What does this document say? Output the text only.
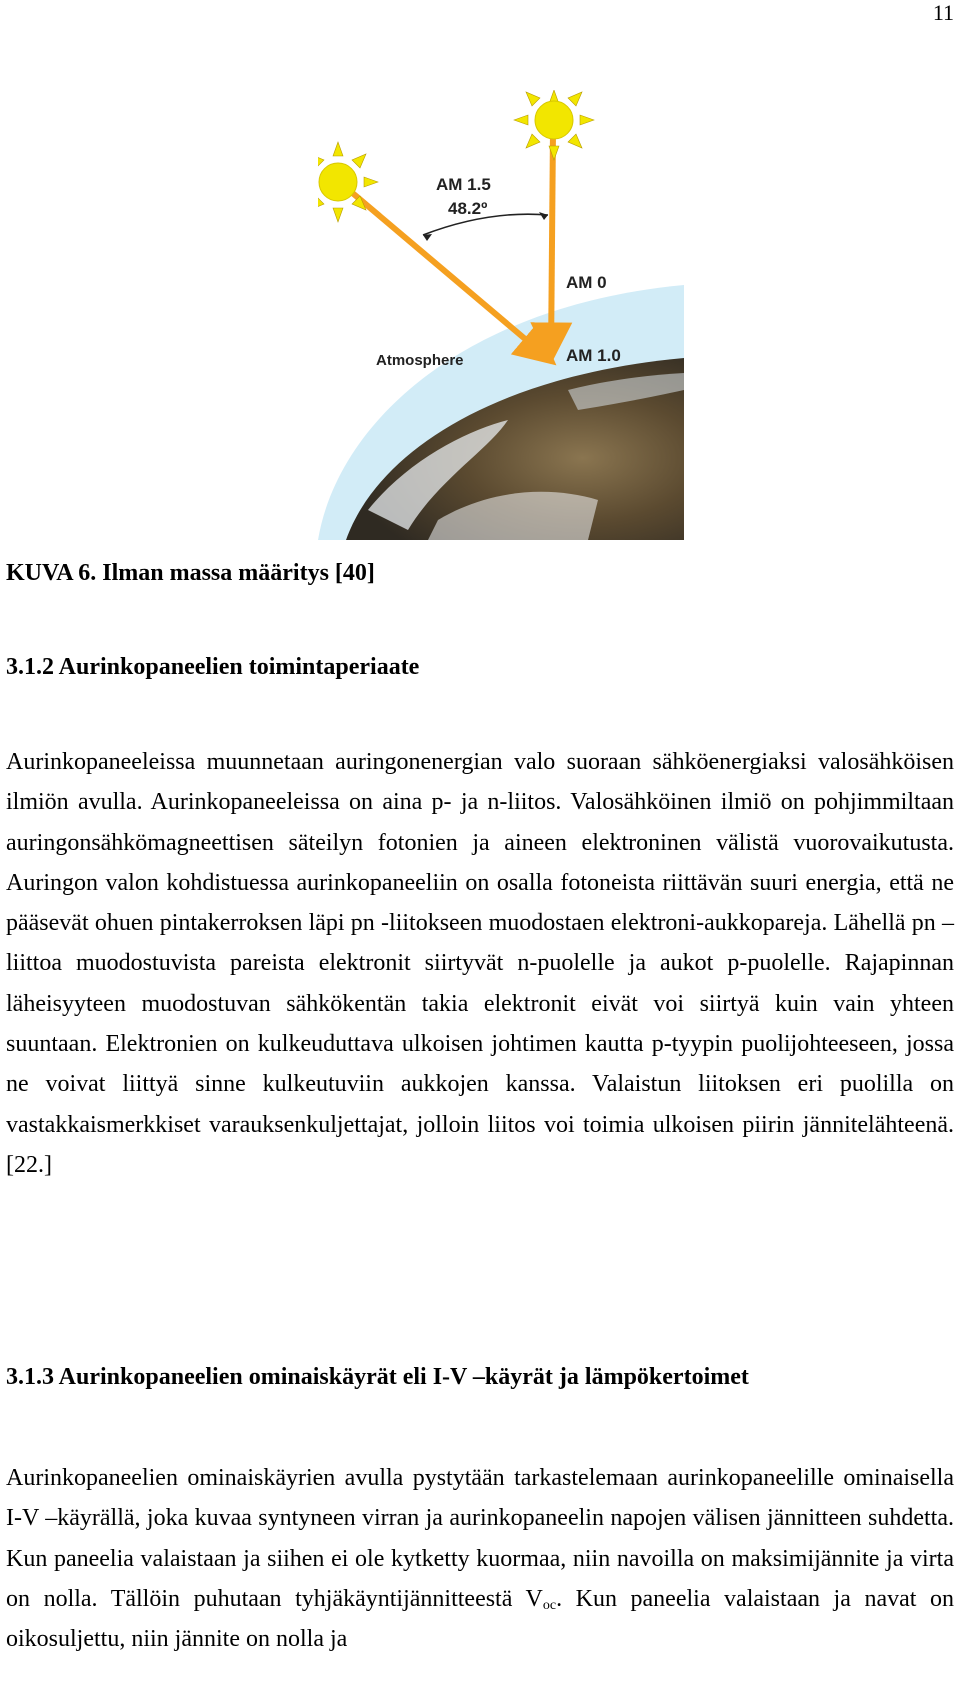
11
AM 1.5
48.2º
AM 0
AM 1.0
Atmosphere

KUVA 6. Ilman massa määritys [40]

3.1.2 Aurinkopaneelien toimintaperiaate

Aurinkopaneeleissa muunnetaan auringonenergian valo suoraan sähköenergiaksi valosähköisen ilmiön avulla. Aurinkopaneeleissa on aina p- ja n-liitos. Valosähköinen ilmiö on pohjimmiltaan auringonsähkömagneettisen säteilyn fotonien ja aineen elektroninen välistä vuorovaikutusta. Auringon valon kohdistuessa aurinkopaneeliin on osalla fotoneista riittävän suuri energia, että ne pääsevät ohuen pintakerroksen läpi pn -liitokseen muodostaen elektroni-aukkopareja. Lähellä pn –liittoa muodostuvista pareista elektronit siirtyvät n-puolelle ja aukot p-puolelle. Rajapinnan läheisyyteen muodostuvan sähkökentän takia elektronit eivät voi siirtyä kuin vain yhteen suuntaan. Elektronien on kulkeuduttava ulkoisen johtimen kautta p-tyypin puolijohteeseen, jossa ne voivat liittyä sinne kulkeutuviin aukkojen kanssa. Valaistun liitoksen eri puolilla on vastakkaismerkkiset varauksenkuljettajat, jolloin liitos voi toimia ulkoisen piirin jännitelähteenä. [22.]

3.1.3 Aurinkopaneelien ominaiskäyrät eli I-V –käyrät ja lämpökertoimet

Aurinkopaneelien ominaiskäyrien avulla pystytään tarkastelemaan aurinkopaneelille ominaisella I-V –käyrällä, joka kuvaa syntyneen virran ja aurinkopaneelin napojen välisen jännitteen suhdetta. Kun paneelia valaistaan ja siihen ei ole kytketty kuormaa, niin navoilla on maksimijännite ja virta on nolla. Tällöin puhutaan tyhjäkäyntijännitteestä $V_{oc}$. Kun paneelia valaistaan ja navat on oikosuljettu, niin jännite on nolla ja
